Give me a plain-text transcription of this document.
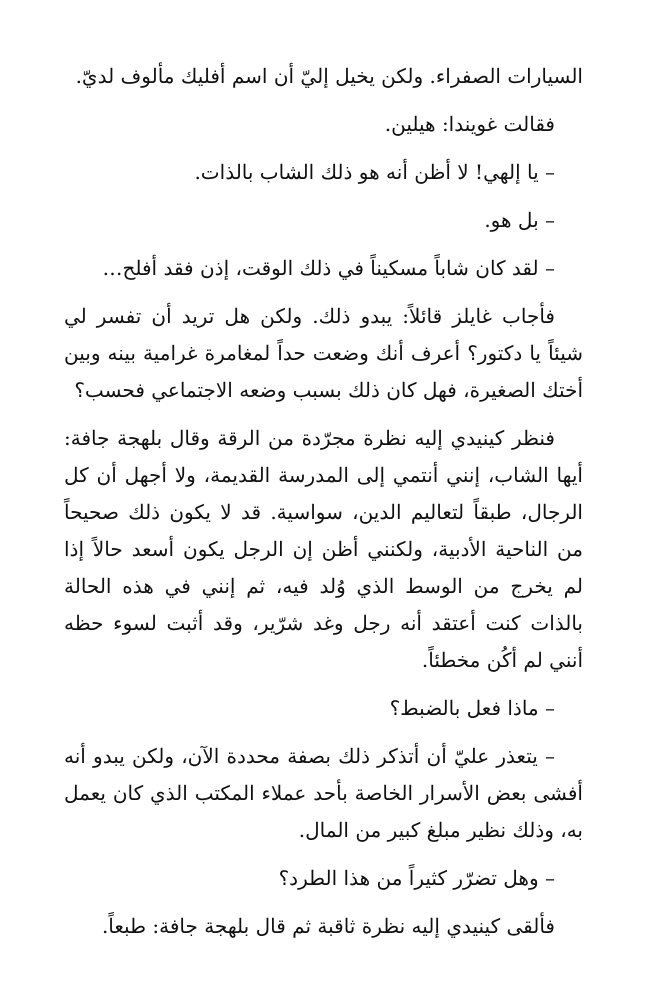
السيارات الصفراء. ولكن يخيل إليّ أن اسم أفليك مألوف لديّ.

فقالت غويندا: هيلين.

– يا إلهي! لا أظن أنه هو ذلك الشاب بالذات.

– بل هو.

– لقد كان شاباً مسكيناً في ذلك الوقت، إذن فقد أفلح…

فأجاب غايلز قائلاً: يبدو ذلك. ولكن هل تريد أن تفسر لي شيئاً يا دكتور؟ أعرف أنك وضعت حداً لمغامرة غرامية بينه وبين أختك الصغيرة، فهل كان ذلك بسبب وضعه الاجتماعي فحسب؟

فنظر كينيدي إليه نظرة مجرّدة من الرقة وقال بلهجة جافة: أيها الشاب، إنني أنتمي إلى المدرسة القديمة، ولا أجهل أن كل الرجال، طبقاً لتعاليم الدين، سواسية. قد لا يكون ذلك صحيحاً من الناحية الأدبية، ولكنني أظن إن الرجل يكون أسعد حالاً إذا لم يخرج من الوسط الذي وُلد فيه، ثم إنني في هذه الحالة بالذات كنت أعتقد أنه رجل وغد شرّير، وقد أثبت لسوء حظه أنني لم أكُن مخطئاً.

– ماذا فعل بالضبط؟

– يتعذر عليّ أن أتذكر ذلك بصفة محددة الآن، ولكن يبدو أنه أفشى بعض الأسرار الخاصة بأحد عملاء المكتب الذي كان يعمل به، وذلك نظير مبلغ كبير من المال.

– وهل تضرّر كثيراً من هذا الطرد؟

فألقى كينيدي إليه نظرة ثاقبة ثم قال بلهجة جافة: طبعاً.
